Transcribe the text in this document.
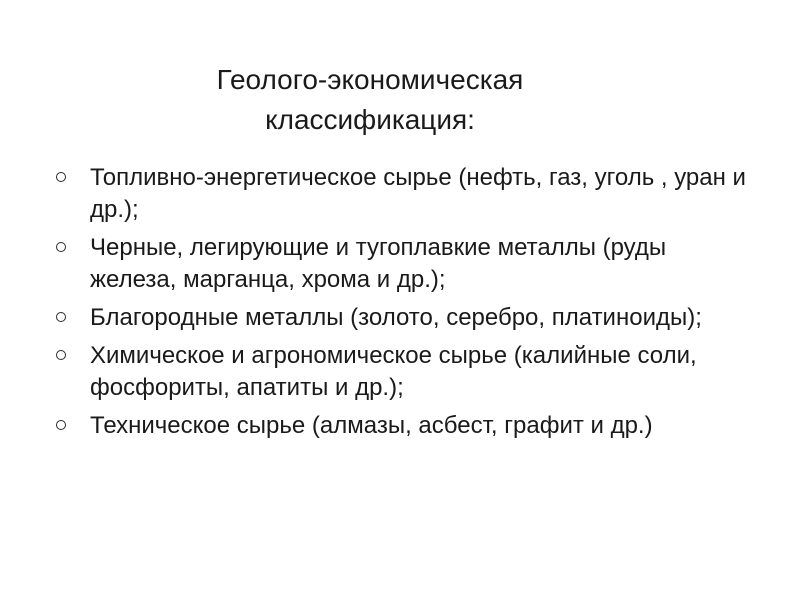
Геолого-экономическая
классификация:
Топливно-энергетическое сырье (нефть, газ, уголь , уран и др.);
Черные, легирующие и тугоплавкие металлы (руды железа, марганца, хрома и др.);
Благородные металлы (золото, серебро, платиноиды);
Химическое и агрономическое сырье (калийные соли, фосфориты, апатиты и др.);
Техническое сырье (алмазы, асбест, графит и др.)
